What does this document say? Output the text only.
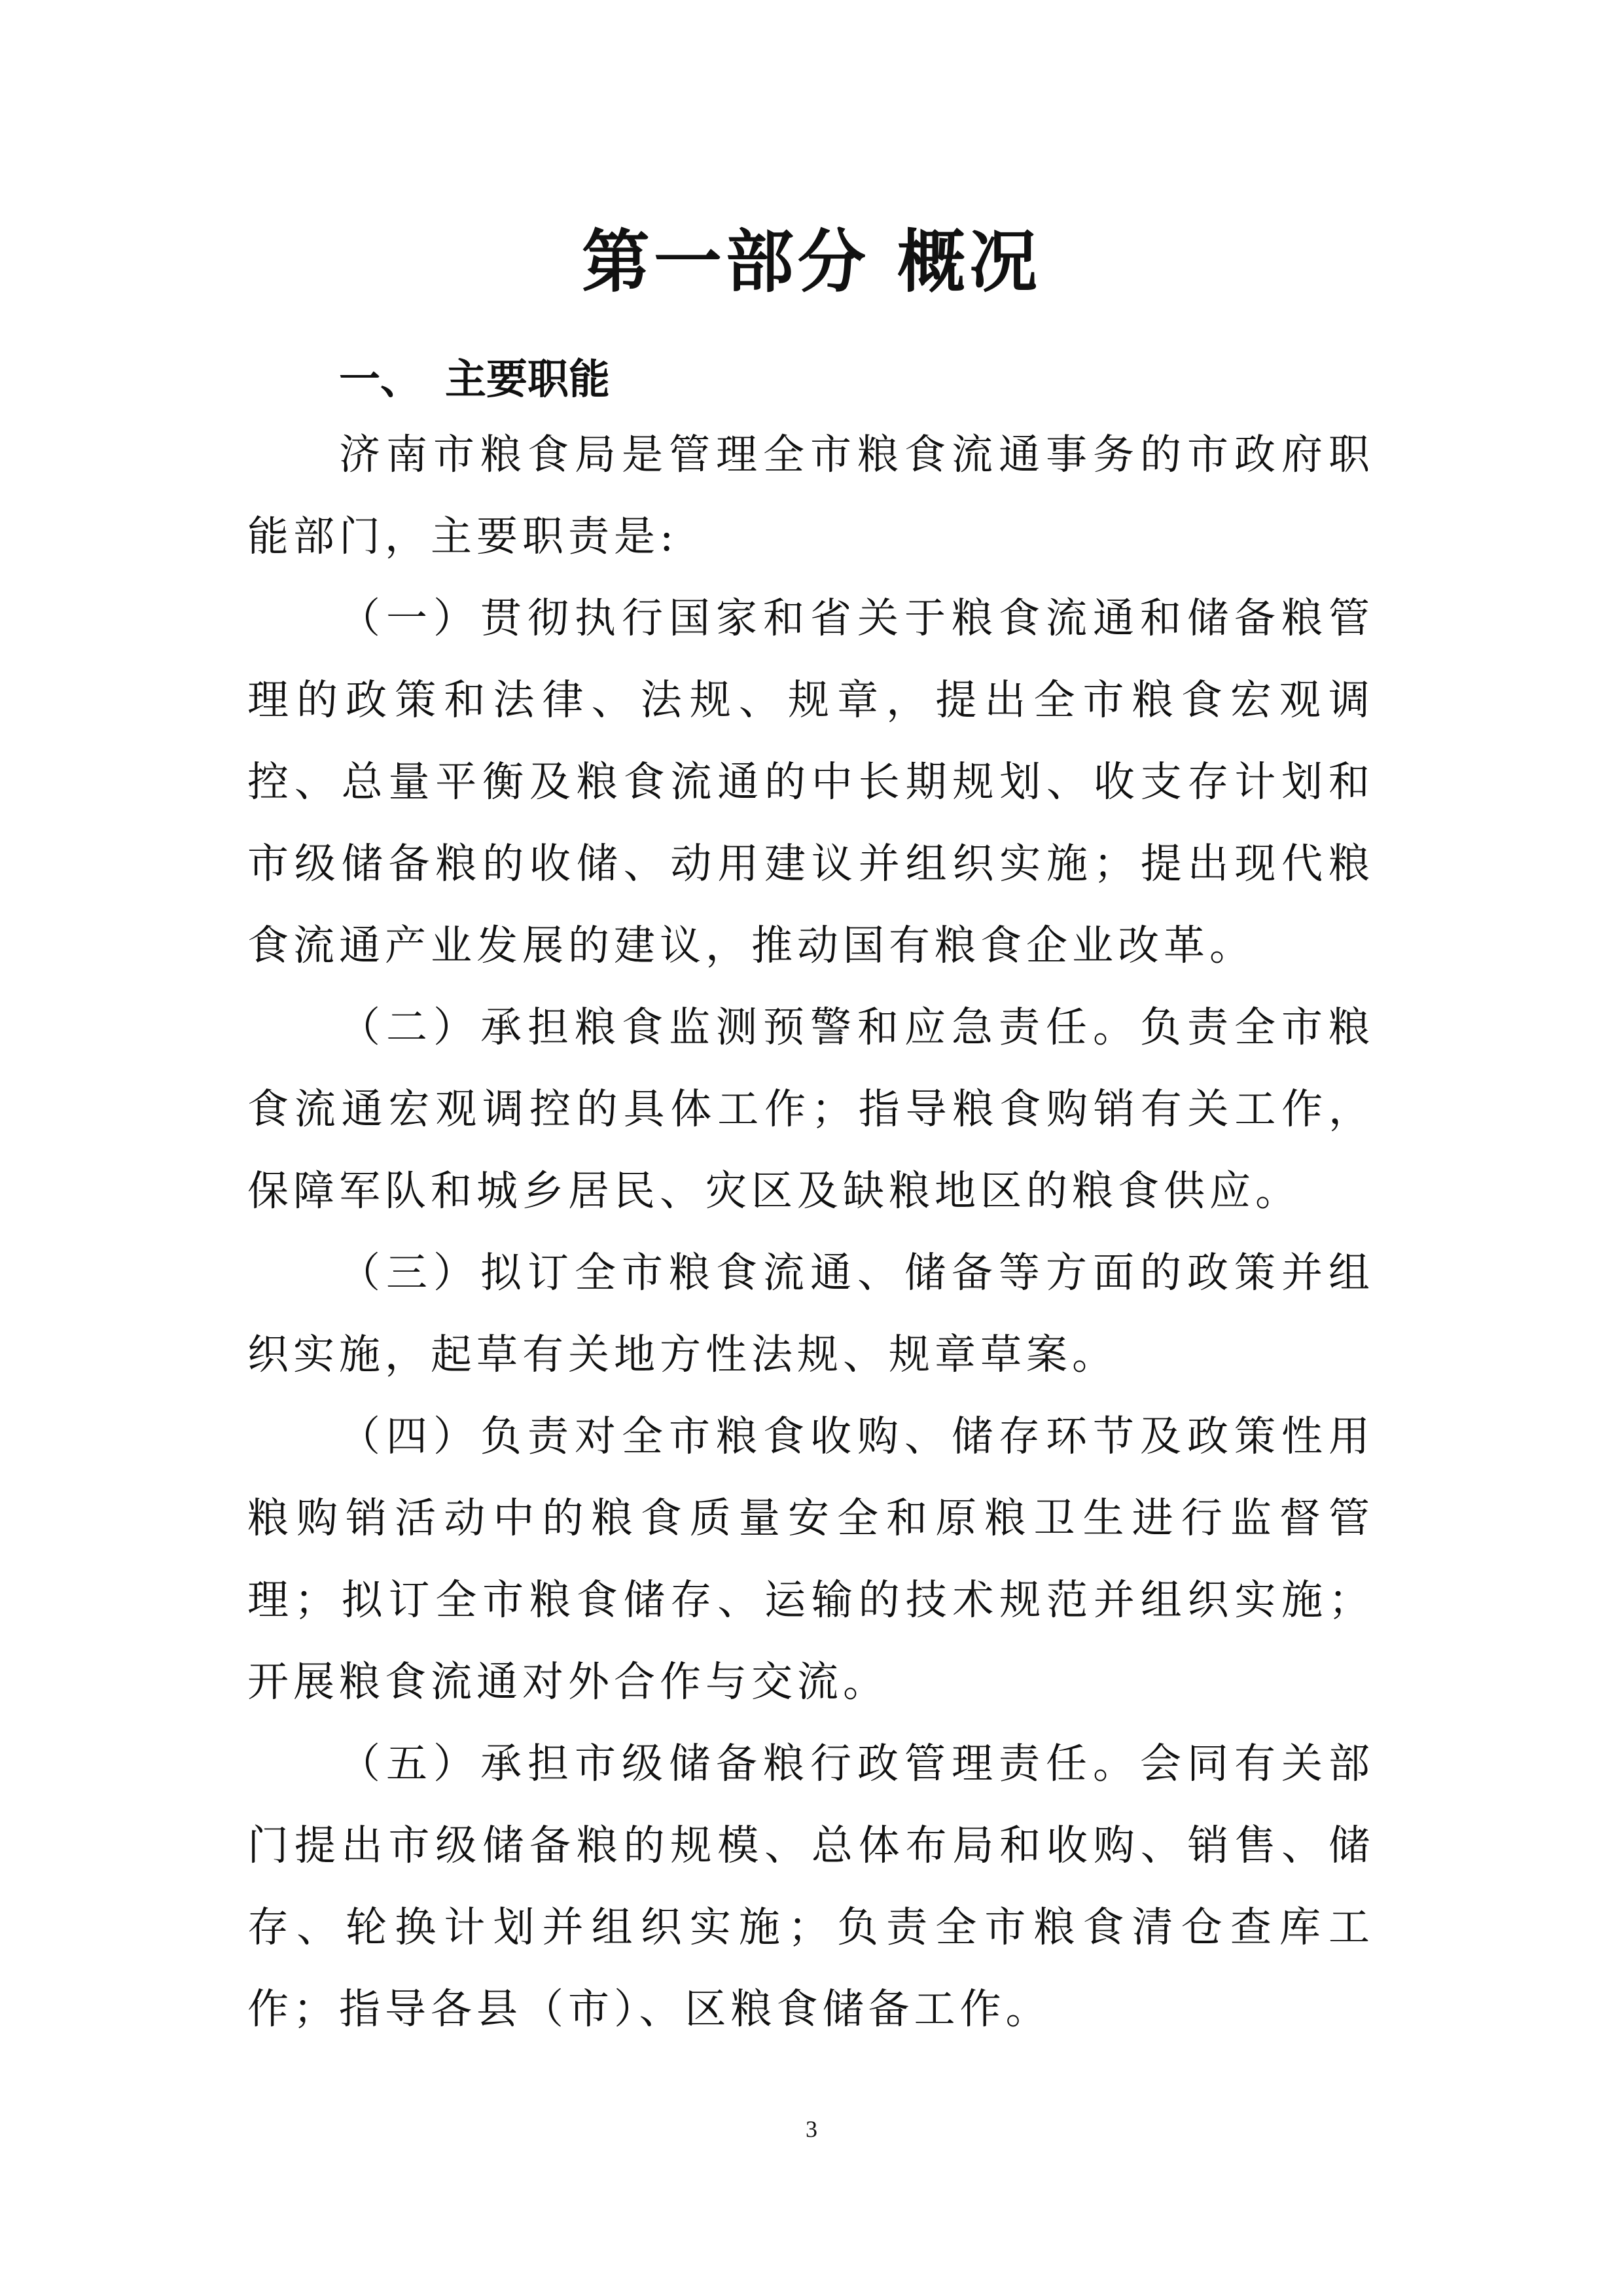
第一部分 概况
一、 主要职能

济南市粮食局是管理全市粮食流通事务的市政府职能部门，主要职责是:

（一）贯彻执行国家和省关于粮食流通和储备粮管理的政策和法律、法规、规章，提出全市粮食宏观调控、总量平衡及粮食流通的中长期规划、收支存计划和市级储备粮的收储、动用建议并组织实施；提出现代粮食流通产业发展的建议，推动国有粮食企业改革。

（二）承担粮食监测预警和应急责任。负责全市粮食流通宏观调控的具体工作；指导粮食购销有关工作，保障军队和城乡居民、灾区及缺粮地区的粮食供应。

（三）拟订全市粮食流通、储备等方面的政策并组织实施，起草有关地方性法规、规章草案。

（四）负责对全市粮食收购、储存环节及政策性用粮购销活动中的粮食质量安全和原粮卫生进行监督管理；拟订全市粮食储存、运输的技术规范并组织实施；开展粮食流通对外合作与交流。

（五）承担市级储备粮行政管理责任。会同有关部门提出市级储备粮的规模、总体布局和收购、销售、储存、轮换计划并组织实施；负责全市粮食清仓查库工作；指导各县（市）、区粮食储备工作。

3
